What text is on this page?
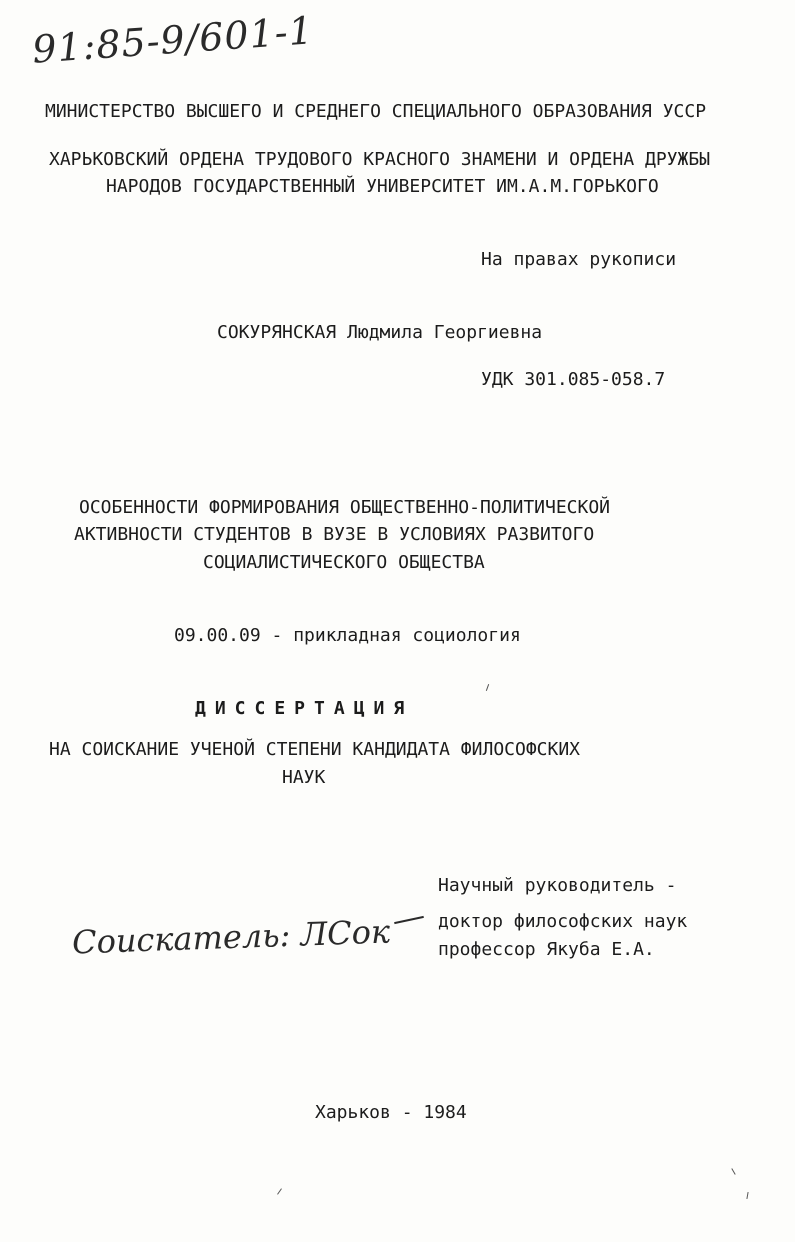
91:85-9/601-1
МИНИСТЕРСТВО ВЫСШЕГО И СРЕДНЕГО СПЕЦИАЛЬНОГО ОБРАЗОВАНИЯ УССР
ХАРЬКОВСКИЙ ОРДЕНА ТРУДОВОГО КРАСНОГО ЗНАМЕНИ И ОРДЕНА ДРУЖБЫ
НАРОДОВ ГОСУДАРСТВЕННЫЙ УНИВЕРСИТЕТ ИМ.А.М.ГОРЬКОГО
На правах рукописи
СОКУРЯНСКАЯ Людмила Георгиевна
УДК 301.085-058.7
ОСОБЕННОСТИ ФОРМИРОВАНИЯ ОБЩЕСТВЕННО-ПОЛИТИЧЕСКОЙ
АКТИВНОСТИ СТУДЕНТОВ В ВУЗЕ В УСЛОВИЯХ РАЗВИТОГО
СОЦИАЛИСТИЧЕСКОГО ОБЩЕСТВА
09.00.09 - прикладная социология
ДИССЕРТАЦИЯ
НА СОИСКАНИЕ УЧЕНОЙ СТЕПЕНИ КАНДИДАТА ФИЛОСОФСКИХ
НАУК
Научный руководитель -
доктор философских наук
профессор Якуба Е.А.
Соискатель: ЛСок
Харьков - 1984
